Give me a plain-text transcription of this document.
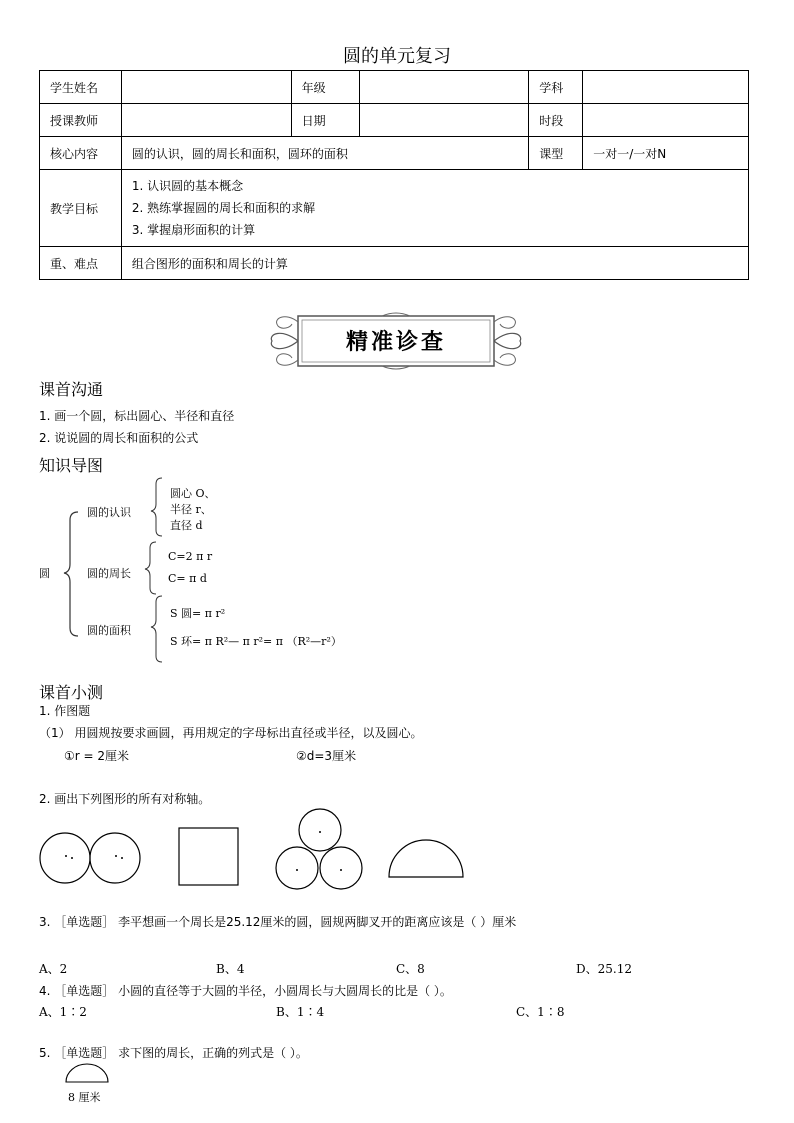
圆的单元复习
学生姓名		年级		学科	
授课教师		日期		时段	
核心内容	圆的认识，圆的周长和面积，圆环的面积			课型	一对一/一对N
教学目标	1. 认识圆的基本概念
2. 熟练掌握圆的周长和面积的求解
3. 掌握扇形面积的计算				

重、难点	组合图形的面积和周长的计算				
精准诊查
课首沟通
1. 画一个圆，标出圆心、半径和直径
2. 说说圆的周长和面积的公式
知识导图
圆
圆的认识
圆心 O、
半径 r、
直径 d
圆的周长
C=2 π r
C= π d
圆的面积
S 圆= π r²
S 环= π R²— π r²= π （R²—r²）
课首小测
1. 作图题
（1） 用圆规按要求画圆，再用规定的字母标出直径或半径，以及圆心。
①r = 2厘米	②d=3厘米
2. 画出下列图形的所有对称轴。
3. ［单选题］ 李平想画一个周长是25.12厘米的圆，圆规两脚叉开的距离应该是（ ）厘米
A、2	B、4	C、8	D、25.12
4. ［单选题］ 小圆的直径等于大圆的半径，小圆周长与大圆周长的比是（ ）。
A、1∶2	B、1∶4	C、1∶8
5. ［单选题］ 求下图的周长，正确的列式是（ ）。
8 厘米
